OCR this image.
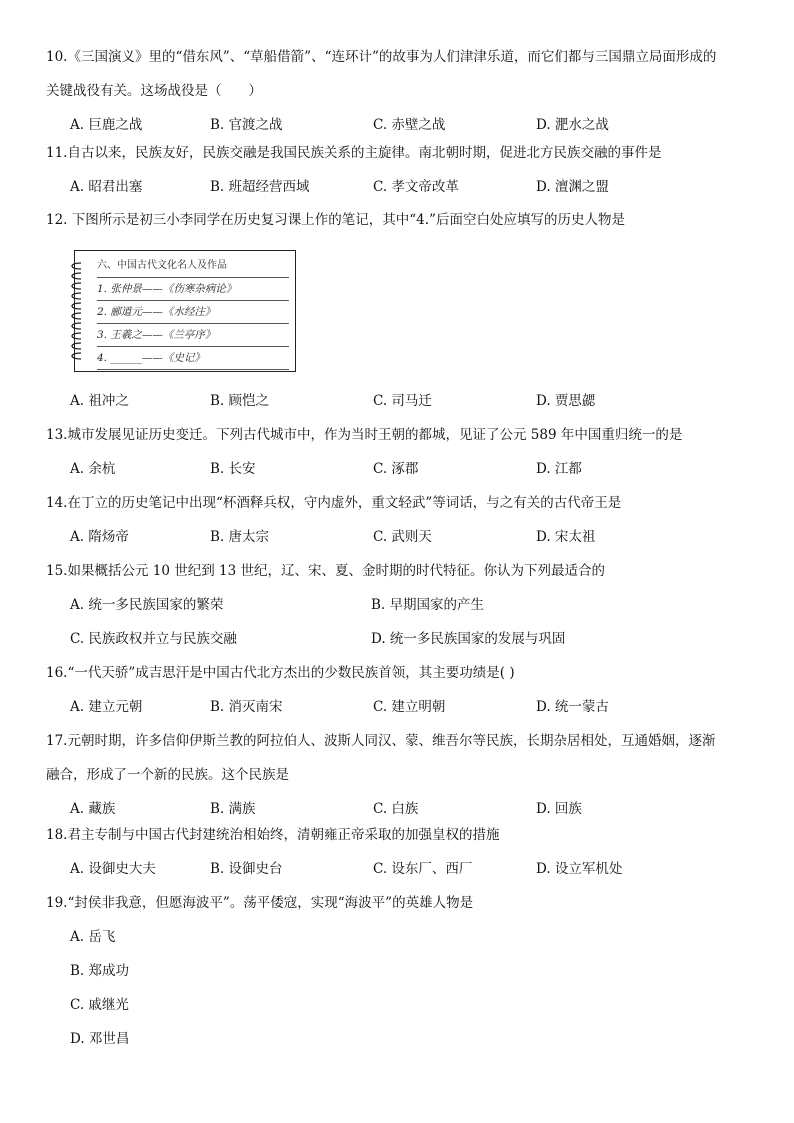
10.《三国演义》里的“借东风”、“草船借箭”、“连环计”的故事为人们津津乐道，而它们都与三国鼎立局面形成的
关键战役有关。这场战役是（　　）
A. 巨鹿之战	B. 官渡之战	C. 赤壁之战	D. 淝水之战
11.自古以来，民族友好，民族交融是我国民族关系的主旋律。南北朝时期，促进北方民族交融的事件是
A. 昭君出塞	B. 班超经营西域	C. 孝文帝改革	D. 澶渊之盟
12. 下图所示是初三小李同学在历史复习课上作的笔记，其中“4.”后面空白处应填写的历史人物是
六、中国古代文化名人及作品
1. 张仲景——《伤寒杂病论》
2. 郦道元——《水经注》
3. 王羲之——《兰亭序》
4. ______——《史记》
A. 祖冲之	B. 顾恺之	C. 司马迁	D. 贾思勰
13.城市发展见证历史变迁。下列古代城市中，作为当时王朝的都城，见证了公元 589 年中国重归统一的是
A. 余杭	B. 长安	C. 涿郡	D. 江都
14.在丁立的历史笔记中出现“杯酒释兵权，守内虚外，重文轻武”等词话，与之有关的古代帝王是
A. 隋炀帝	B. 唐太宗	C. 武则天	D. 宋太祖
15.如果概括公元 10 世纪到 13 世纪，辽、宋、夏、金时期的时代特征。你认为下列最适合的
A. 统一多民族国家的繁荣	B. 早期国家的产生
C. 民族政权并立与民族交融	D. 统一多民族国家的发展与巩固
16.“一代天骄”成吉思汗是中国古代北方杰出的少数民族首领，其主要功绩是( )
A. 建立元朝	B. 消灭南宋	C. 建立明朝	D. 统一蒙古
17.元朝时期，许多信仰伊斯兰教的阿拉伯人、波斯人同汉、蒙、维吾尔等民族，长期杂居相处，互通婚姻，逐渐
融合，形成了一个新的民族。这个民族是
A. 藏族	B. 满族	C. 白族	D. 回族
18.君主专制与中国古代封建统治相始终，清朝雍正帝采取的加强皇权的措施
A. 设御史大夫	B. 设御史台	C. 设东厂、西厂	D. 设立军机处
19.“封侯非我意，但愿海波平”。荡平倭寇，实现“海波平”的英雄人物是
A. 岳飞
B. 郑成功
C. 戚继光
D. 邓世昌
